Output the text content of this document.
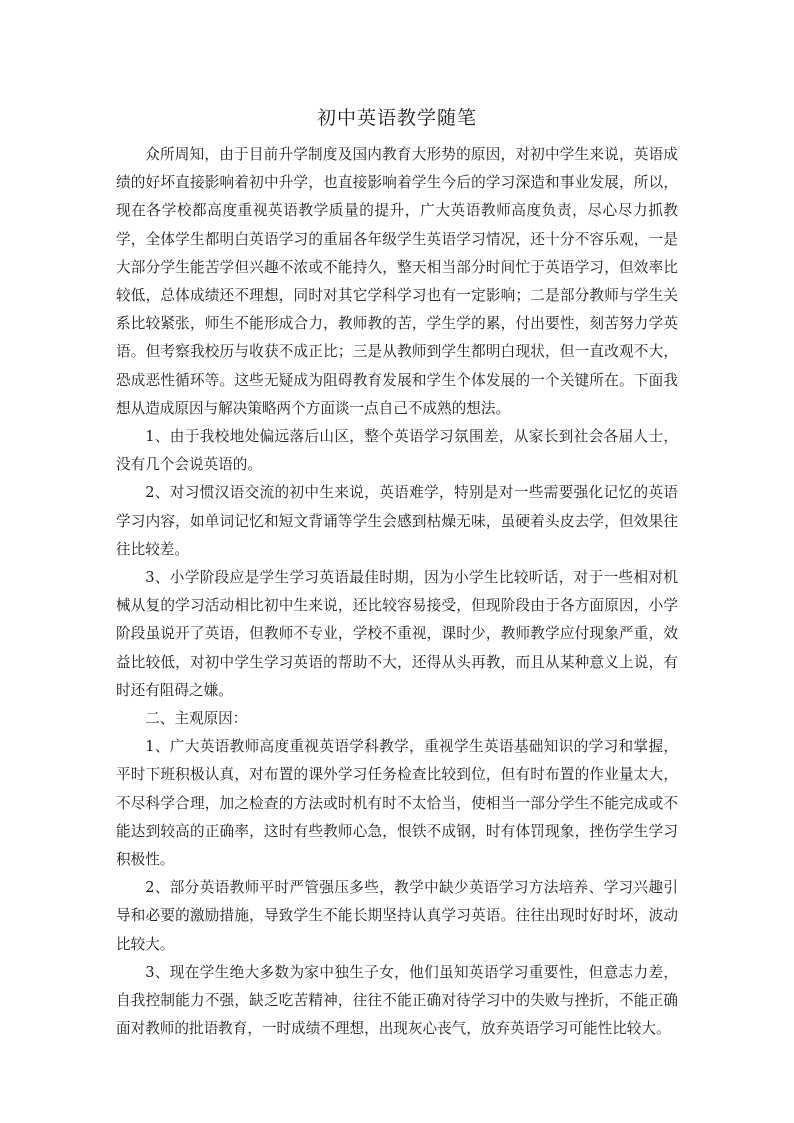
初中英语教学随笔

众所周知，由于目前升学制度及国内教育大形势的原因，对初中学生来说，英语成绩的好坏直接影响着初中升学，也直接影响着学生今后的学习深造和事业发展，所以，现在各学校都高度重视英语教学质量的提升，广大英语教师高度负责，尽心尽力抓教学，全体学生都明白英语学习的重届各年级学生英语学习情况，还十分不容乐观，一是大部分学生能苦学但兴趣不浓或不能持久，整天相当部分时间忙于英语学习，但效率比较低，总体成绩还不理想，同时对其它学科学习也有一定影响；二是部分教师与学生关系比较紧张，师生不能形成合力，教师教的苦，学生学的累，付出要性，刻苦努力学英语。但考察我校历与收获不成正比；三是从教师到学生都明白现状，但一直改观不大，恐成恶性循环等。这些无疑成为阻碍教育发展和学生个体发展的一个关键所在。下面我想从造成原因与解决策略两个方面谈一点自己不成熟的想法。

1、由于我校地处偏远落后山区，整个英语学习氛围差，从家长到社会各届人士，没有几个会说英语的。

2、对习惯汉语交流的初中生来说，英语难学，特别是对一些需要强化记忆的英语学习内容，如单词记忆和短文背诵等学生会感到枯燥无味，虽硬着头皮去学，但效果往往比较差。

3、小学阶段应是学生学习英语最佳时期，因为小学生比较听话，对于一些相对机械从复的学习活动相比初中生来说，还比较容易接受，但现阶段由于各方面原因，小学阶段虽说开了英语，但教师不专业，学校不重视，课时少，教师教学应付现象严重，效益比较低，对初中学生学习英语的帮助不大，还得从头再教，而且从某种意义上说，有时还有阻碍之嫌。

二、主观原因：

1、广大英语教师高度重视英语学科教学，重视学生英语基础知识的学习和掌握，平时下班积极认真，对布置的课外学习任务检查比较到位，但有时布置的作业量太大，不尽科学合理，加之检查的方法或时机有时不太恰当，使相当一部分学生不能完成或不能达到较高的正确率，这时有些教师心急，恨铁不成钢，时有体罚现象，挫伤学生学习积极性。

2、部分英语教师平时严管强压多些，教学中缺少英语学习方法培养、学习兴趣引导和必要的激励措施，导致学生不能长期坚持认真学习英语。往往出现时好时坏，波动比较大。

3、现在学生绝大多数为家中独生子女，他们虽知英语学习重要性，但意志力差，自我控制能力不强，缺乏吃苦精神，往往不能正确对待学习中的失败与挫折，不能正确面对教师的批语教育，一时成绩不理想，出现灰心丧气，放弃英语学习可能性比较大。
